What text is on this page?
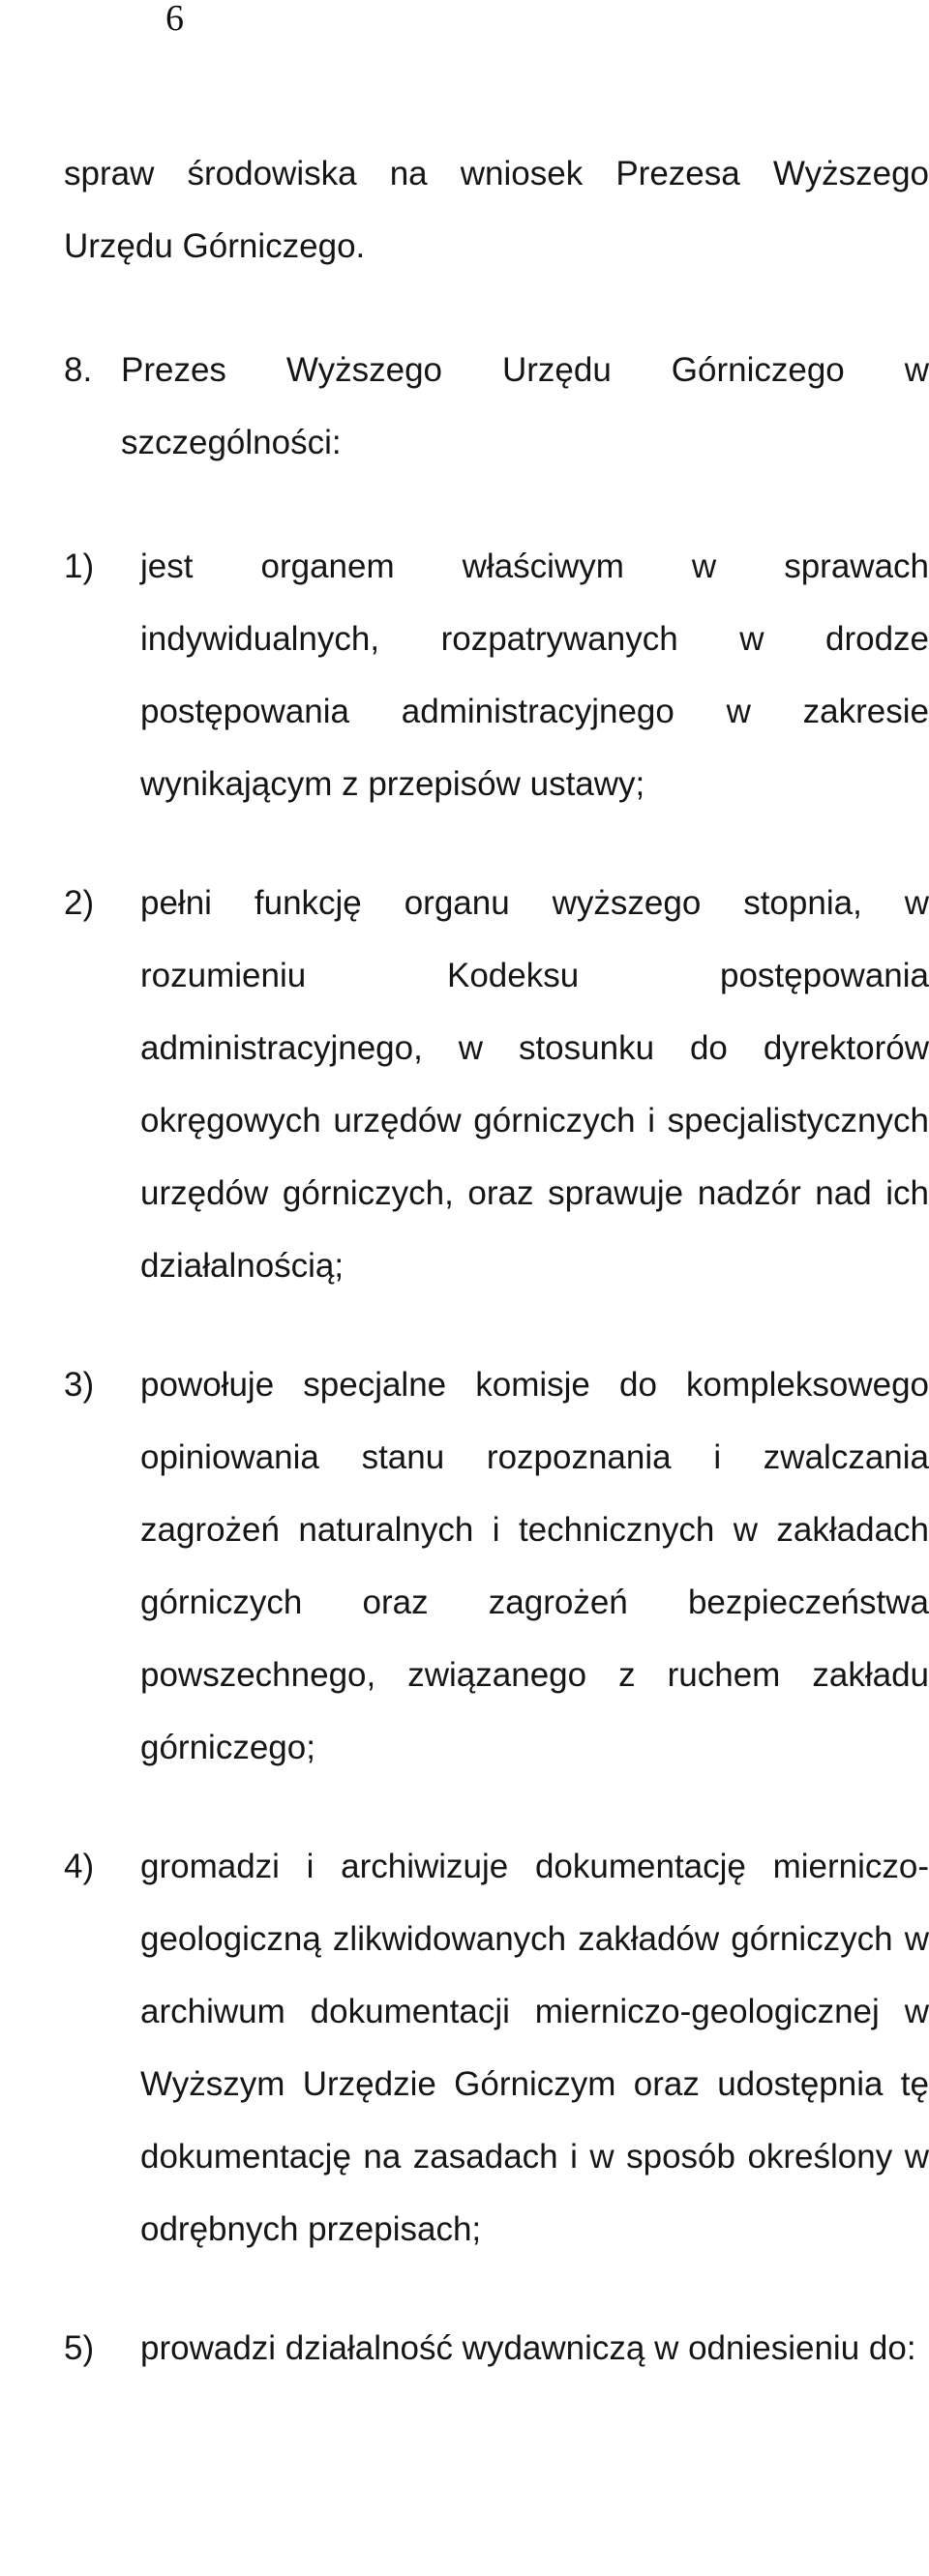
6

spraw środowiska na wniosek Prezesa Wyższego Urzędu Górniczego.

8. Prezes Wyższego Urzędu Górniczego w szczególności:

1) jest organem właściwym w sprawach indywidualnych, rozpatrywanych w drodze postępowania administracyjnego w zakresie wynikającym z przepisów ustawy;
2) pełni funkcję organu wyższego stopnia, w rozumieniu Kodeksu postępowania administracyjnego, w stosunku do dyrektorów okręgowych urzędów górniczych i specjalistycznych urzędów górniczych, oraz sprawuje nadzór nad ich działalnością;
3) powołuje specjalne komisje do kompleksowego opiniowania stanu rozpoznania i zwalczania zagrożeń naturalnych i technicznych w zakładach górniczych oraz zagrożeń bezpieczeństwa powszechnego, związanego z ruchem zakładu górniczego;
4) gromadzi i archiwizuje dokumentację mierniczo-geologiczną zlikwidowanych zakładów górniczych w archiwum dokumentacji mierniczo-geologicznej w Wyższym Urzędzie Górniczym oraz udostępnia tę dokumentację na zasadach i w sposób określony w odrębnych przepisach;
5) prowadzi działalność wydawniczą w odniesieniu do:
